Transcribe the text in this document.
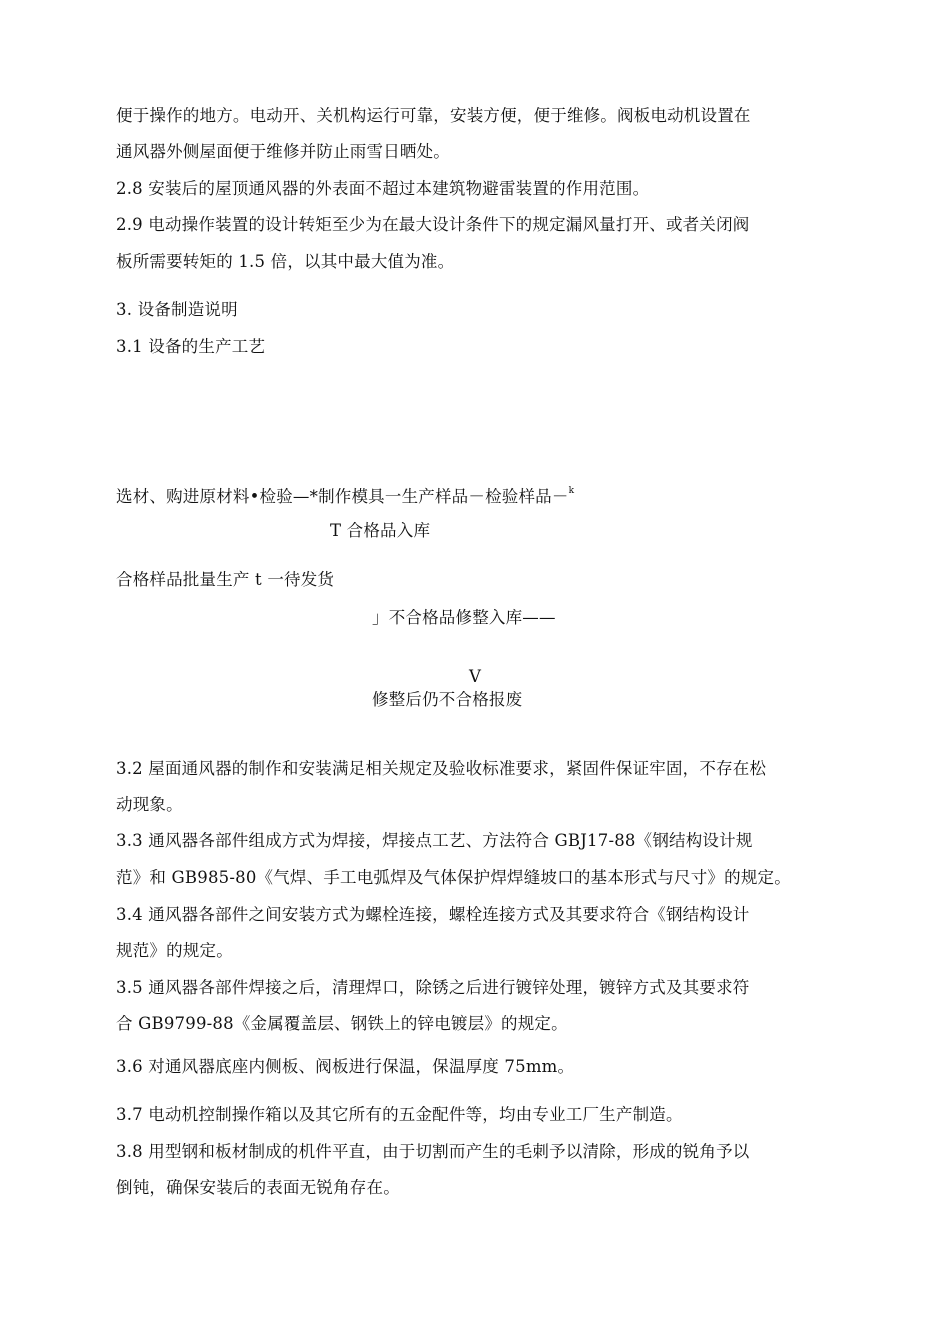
便于操作的地方。电动开、关机构运行可靠，安装方便，便于维修。阀板电动机设置在
通风器外侧屋面便于维修并防止雨雪日晒处。
2.8 安装后的屋顶通风器的外表面不超过本建筑物避雷装置的作用范围。
2.9 电动操作装置的设计转矩至少为在最大设计条件下的规定漏风量打开、或者关闭阀
板所需要转矩的 1.5 倍，以其中最大值为准。
3. 设备制造说明
3.1 设备的生产工艺
选材、购进原材料•检验—*制作模具一生产样品－检验样品－$^k$
T 合格品入库
合格样品批量生产 t 一待发货
」不合格品修整入库——
V
修整后仍不合格报废
3.2 屋面通风器的制作和安装满足相关规定及验收标准要求，紧固件保证牢固，不存在松
动现象。
3.3 通风器各部件组成方式为焊接，焊接点工艺、方法符合 GBJ17-88《钢结构设计规
范》和 GB985-80《气焊、手工电弧焊及气体保护焊焊缝坡口的基本形式与尺寸》的规定。
3.4 通风器各部件之间安装方式为螺栓连接，螺栓连接方式及其要求符合《钢结构设计
规范》的规定。
3.5 通风器各部件焊接之后，清理焊口，除锈之后进行镀锌处理，镀锌方式及其要求符
合 GB9799-88《金属覆盖层、钢铁上的锌电镀层》的规定。
3.6 对通风器底座内侧板、阀板进行保温，保温厚度 75mm。
3.7 电动机控制操作箱以及其它所有的五金配件等，均由专业工厂生产制造。
3.8 用型钢和板材制成的机件平直，由于切割而产生的毛刺予以清除，形成的锐角予以
倒钝，确保安装后的表面无锐角存在。
